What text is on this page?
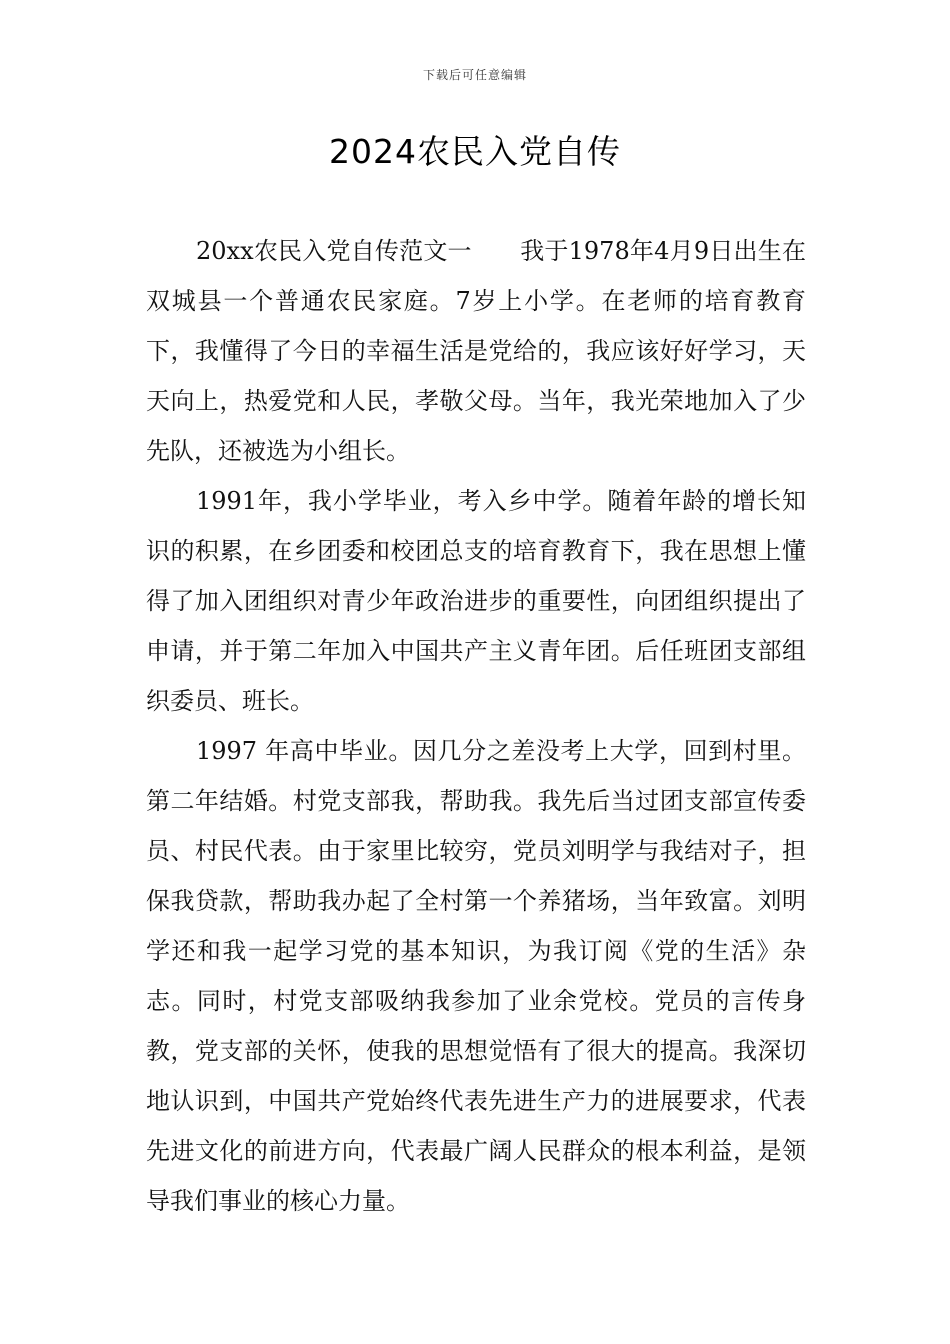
下载后可任意编辑
2024农民入党自传

20xx农民入党自传范文一　　我于1978年4月9日出生在双城县一个普通农民家庭。7岁上小学。在老师的培育教育下，我懂得了今日的幸福生活是党给的，我应该好好学习，天天向上，热爱党和人民，孝敬父母。当年，我光荣地加入了少先队，还被选为小组长。

1991年，我小学毕业，考入乡中学。随着年龄的增长知识的积累，在乡团委和校团总支的培育教育下，我在思想上懂得了加入团组织对青少年政治进步的重要性，向团组织提出了申请，并于第二年加入中国共产主义青年团。后任班团支部组织委员、班长。

1997 年高中毕业。因几分之差没考上大学，回到村里。第二年结婚。村党支部我，帮助我。我先后当过团支部宣传委员、村民代表。由于家里比较穷，党员刘明学与我结对子，担保我贷款，帮助我办起了全村第一个养猪场，当年致富。刘明学还和我一起学习党的基本知识，为我订阅《党的生活》杂志。同时，村党支部吸纳我参加了业余党校。党员的言传身教，党支部的关怀，使我的思想觉悟有了很大的提高。我深切地认识到，中国共产党始终代表先进生产力的进展要求，代表先进文化的前进方向，代表最广阔人民群众的根本利益，是领导我们事业的核心力量。
